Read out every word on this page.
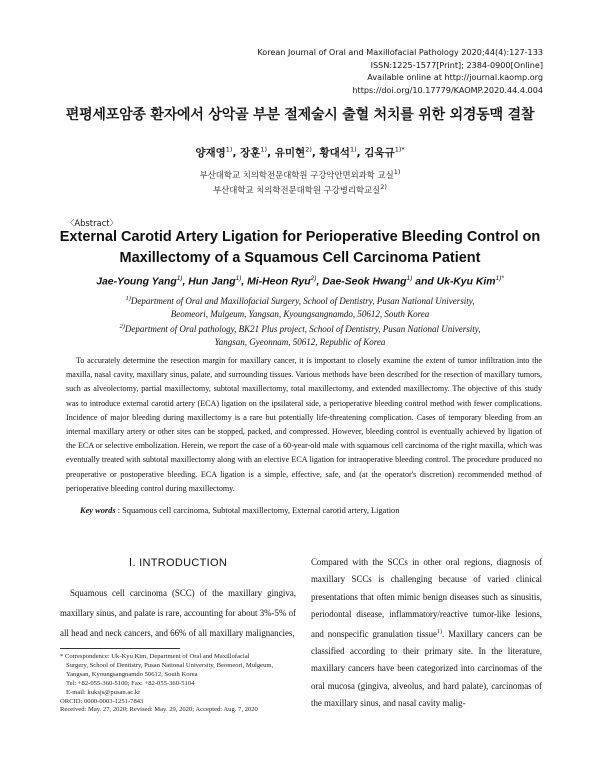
Korean Journal of Oral and Maxillofacial Pathology 2020;44(4):127-133
ISSN:1225-1577[Print]; 2384-0900[Online]
Available online at http://journal.kaomp.org
https://doi.org/10.17779/KAOMP.2020.44.4.004
편평세포암종 환자에서 상악골 부분 절제술시 출혈 처치를 위한 외경동맥 결찰
양재영$^{1)}$, 장훈$^{1)}$, 유미현$^{2)}$, 황대석$^{1)}$, 김욱규$^{1)*}$
부산대학교 치의학전문대학원 구강악안면외과학 교실$^{1)}$
부산대학교 치의학전문대학원 구강병리학교실$^{2)}$
〈Abstract〉
External Carotid Artery Ligation for Perioperative Bleeding Control on
Maxillectomy of a Squamous Cell Carcinoma Patient
Jae-Young Yang$^{1)}$, Hun Jang$^{1)}$, Mi-Heon Ryu$^{2)}$, Dae-Seok Hwang$^{1)}$ and Uk-Kyu Kim$^{1)*}$
$^{1)}$Department of Oral and Maxillofacial Surgery, School of Dentistry, Pusan National University,
Beomeori, Mulgeum, Yangsan, Kyoungsangnamdo, 50612, South Korea
$^{2)}$Department of Oral pathology, BK21 Plus project, School of Dentistry, Pusan National University,
Yangsan, Gyeonnam, 50612, Republic of Korea

To accurately determine the resection margin for maxillary cancer, it is important to closely examine the extent of tumor infiltration into the maxilla, nasal cavity, maxillary sinus, palate, and surrounding tissues. Various methods have been described for the resection of maxillary tumors, such as alveolectomy, partial maxillectomy, subtotal maxillectomy, total maxillectomy, and extended maxillectomy. The objective of this study was to introduce external carotid artery (ECA) ligation on the ipsilateral side, a perioperative bleeding control method with fewer complications. Incidence of major bleeding during maxillectomy is a rare but potentially life-threatening complication. Cases of temporary bleeding from an internal maxillary artery or other sites can be stopped, packed, and compressed. However, bleeding control is eventually achieved by ligation of the ECA or selective embolization. Herein, we report the case of a 60-year-old male with squamous cell carcinoma of the right maxilla, which was eventually treated with subtotal maxillectomy along with an elective ECA ligation for intraoperative bleeding control. The procedure produced no preoperative or postoperative bleeding. ECA ligation is a simple, effective, safe, and (at the operator's discretion) recommended method of perioperative bleeding control during maxillectomy.

Key words : Squamous cell carcinoma, Subtotal maxillectomy, External carotid artery, Ligation
Ⅰ. INTRODUCTION

Squamous cell carcinoma (SCC) of the maxillary gingiva, maxillary sinus, and palate is rare, accounting for about 3%-5% of all head and neck cancers, and 66% of all maxillary malignancies,

* Correspondence: Uk-Kyu Kim, Department of Oral and Maxillofacial
Surgery, School of Dentistry, Pusan National University, Beomeori, Mulgeum,
Yangsan, Kyoungsangnamdo 50612, South Korea
Tel: +82-055-360-5100; Fax: +82-055-360-5104
E-mail: kuksjs@pusan.ac.kr
ORCID: 0000-0003-1251-7843
Received: May. 27, 2020; Revised: May. 29, 2020; Accepted: Aug. 7, 2020

Compared with the SCCs in other oral regions, diagnosis of maxillary SCCs is challenging because of varied clinical presentations that often mimic benign diseases such as sinusitis, periodontal disease, inflammatory/reactive tumor-like lesions, and nonspecific granulation tissue$^{1)}$. Maxillary cancers can be classified according to their primary site. In the literature, maxillary cancers have been categorized into carcinomas of the oral mucosa (gingiva, alveolus, and hard palate), carcinomas of the maxillary sinus, and nasal cavity malig-
